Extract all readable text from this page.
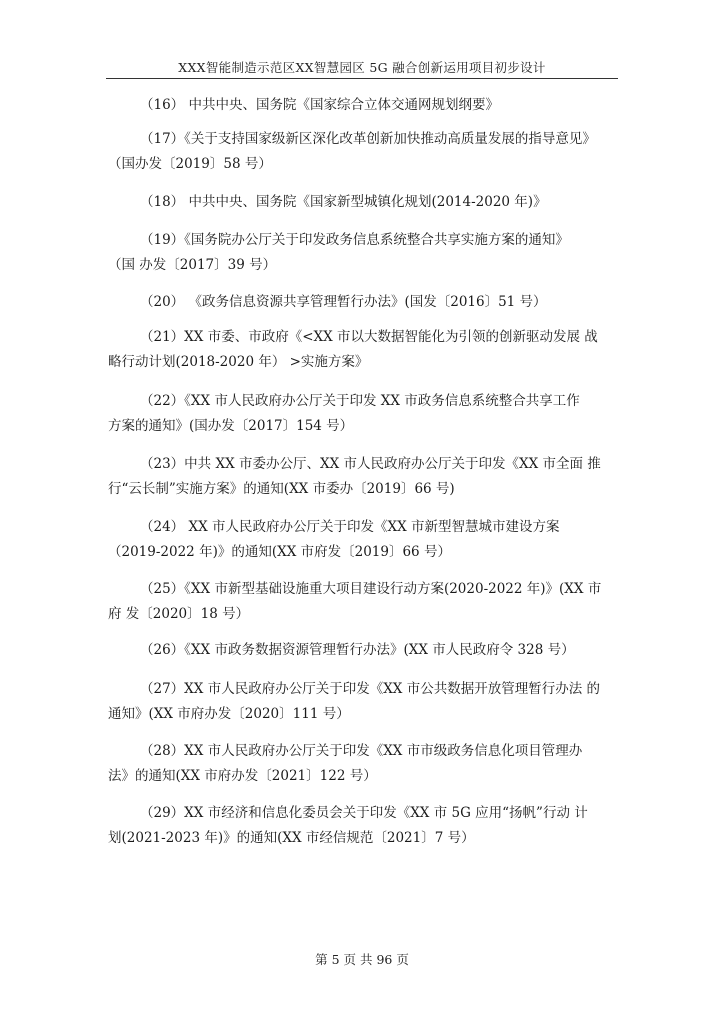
XXX智能制造示范区XX智慧园区 5G 融合创新运用项目初步设计
（16） 中共中央、国务院《国家综合立体交通网规划纲要》
（17）《关于支持国家级新区深化改革创新加快推动高质量发展的指导意见》
（国办发〔2019〕58 号）
（18） 中共中央、国务院《国家新型城镇化规划(2014-2020 年)》
（19）《国务院办公厅关于印发政务信息系统整合共享实施方案的通知》
（国 办发〔2017〕39 号）
（20） 《政务信息资源共享管理暂行办法》(国发〔2016〕51 号）
（21）XX 市委、市政府《<XX 市以大数据智能化为引领的创新驱动发展 战
略行动计划(2018-2020 年） >实施方案》
（22）《XX 市人民政府办公厅关于印发 XX 市政务信息系统整合共享工作
方案的通知》(国办发〔2017〕154 号）
（23）中共 XX 市委办公厅、XX 市人民政府办公厅关于印发《XX 市全面 推
行“云长制”实施方案》的通知(XX 市委办〔2019〕66 号)
（24） XX 市人民政府办公厅关于印发《XX 市新型智慧城市建设方案
（2019-2022 年)》的通知(XX 市府发〔2019〕66 号）
（25）《XX 市新型基础设施重大项目建设行动方案(2020-2022 年)》(XX 市
府 发〔2020〕18 号）
（26）《XX 市政务数据资源管理暂行办法》(XX 市人民政府令 328 号）
（27）XX 市人民政府办公厅关于印发《XX 市公共数据开放管理暂行办法 的
通知》(XX 市府办发〔2020〕111 号）
（28）XX 市人民政府办公厅关于印发《XX 市市级政务信息化项目管理办
法》的通知(XX 市府办发〔2021〕122 号）
（29）XX 市经济和信息化委员会关于印发《XX 市 5G 应用“扬帆”行动 计
划(2021-2023 年)》的通知(XX 市经信规范〔2021〕7 号）
第 5 页 共 96 页
